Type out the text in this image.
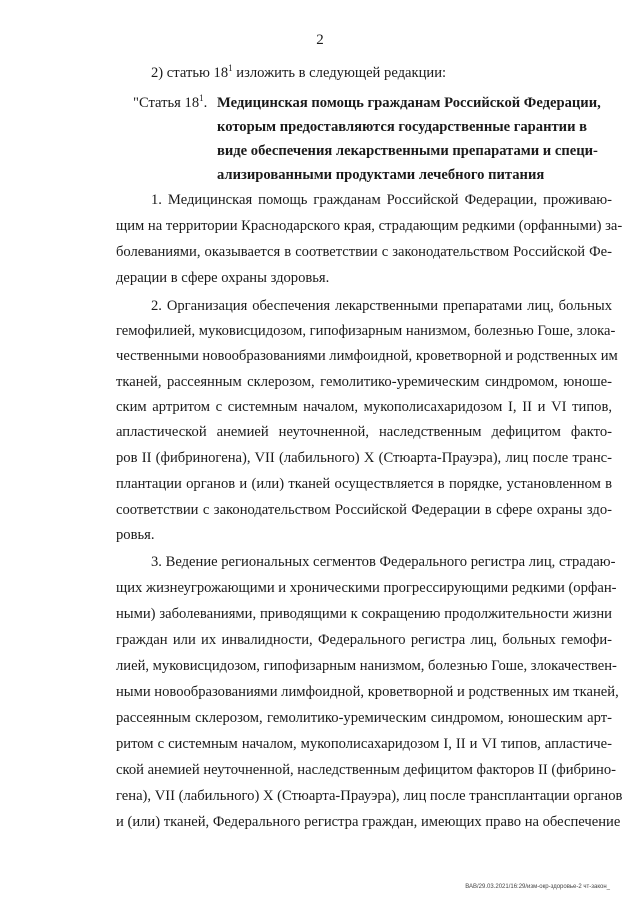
2
2) статью $18^1$ изложить в следующей редакции:
"Статья $18^1$. Медицинская помощь гражданам Российской Федерации,
которым предоставляются государственные гарантии в
виде обеспечения лекарственными препаратами и специ-
ализированными продуктами лечебного питания
1. Медицинская помощь гражданам Российской Федерации, проживаю-
щим на территории Краснодарского края, страдающим редкими (орфанными) за-
болеваниями, оказывается в соответствии с законодательством Российской Фе-
дерации в сфере охраны здоровья.
2. Организация обеспечения лекарственными препаратами лиц, больных
гемофилией, муковисцидозом, гипофизарным нанизмом, болезнью Гоше, злока-
чественными новообразованиями лимфоидной, кроветворной и родственных им
тканей, рассеянным склерозом, гемолитико-уремическим синдромом, юноше-
ским артритом с системным началом, мукополисахаридозом I, II и VI типов,
апластической анемией неуточненной, наследственным дефицитом факто-
ров II (фибриногена), VII (лабильного) X (Стюарта-Прауэра), лиц после транс-
плантации органов и (или) тканей осуществляется в порядке, установленном в
соответствии с законодательством Российской Федерации в сфере охраны здо-
ровья.
3. Ведение региональных сегментов Федерального регистра лиц, страдаю-
щих жизнеугрожающими и хроническими прогрессирующими редкими (орфан-
ными) заболеваниями, приводящими к сокращению продолжительности жизни
граждан или их инвалидности, Федерального регистра лиц, больных гемофи-
лией, муковисцидозом, гипофизарным нанизмом, болезнью Гоше, злокачествен-
ными новообразованиями лимфоидной, кроветворной и родственных им тканей,
рассеянным склерозом, гемолитико-уремическим синдромом, юношеским арт-
ритом с системным началом, мукополисахаридозом I, II и VI типов, апластиче-
ской анемией неуточненной, наследственным дефицитом факторов II (фибрино-
гена), VII (лабильного) X (Стюарта-Прауэра), лиц после трансплантации органов
и (или) тканей, Федерального регистра граждан, имеющих право на обеспечение
ВАВ/29.03.2021/16:29/изм-окр-здоровье-2 чт-закон_
